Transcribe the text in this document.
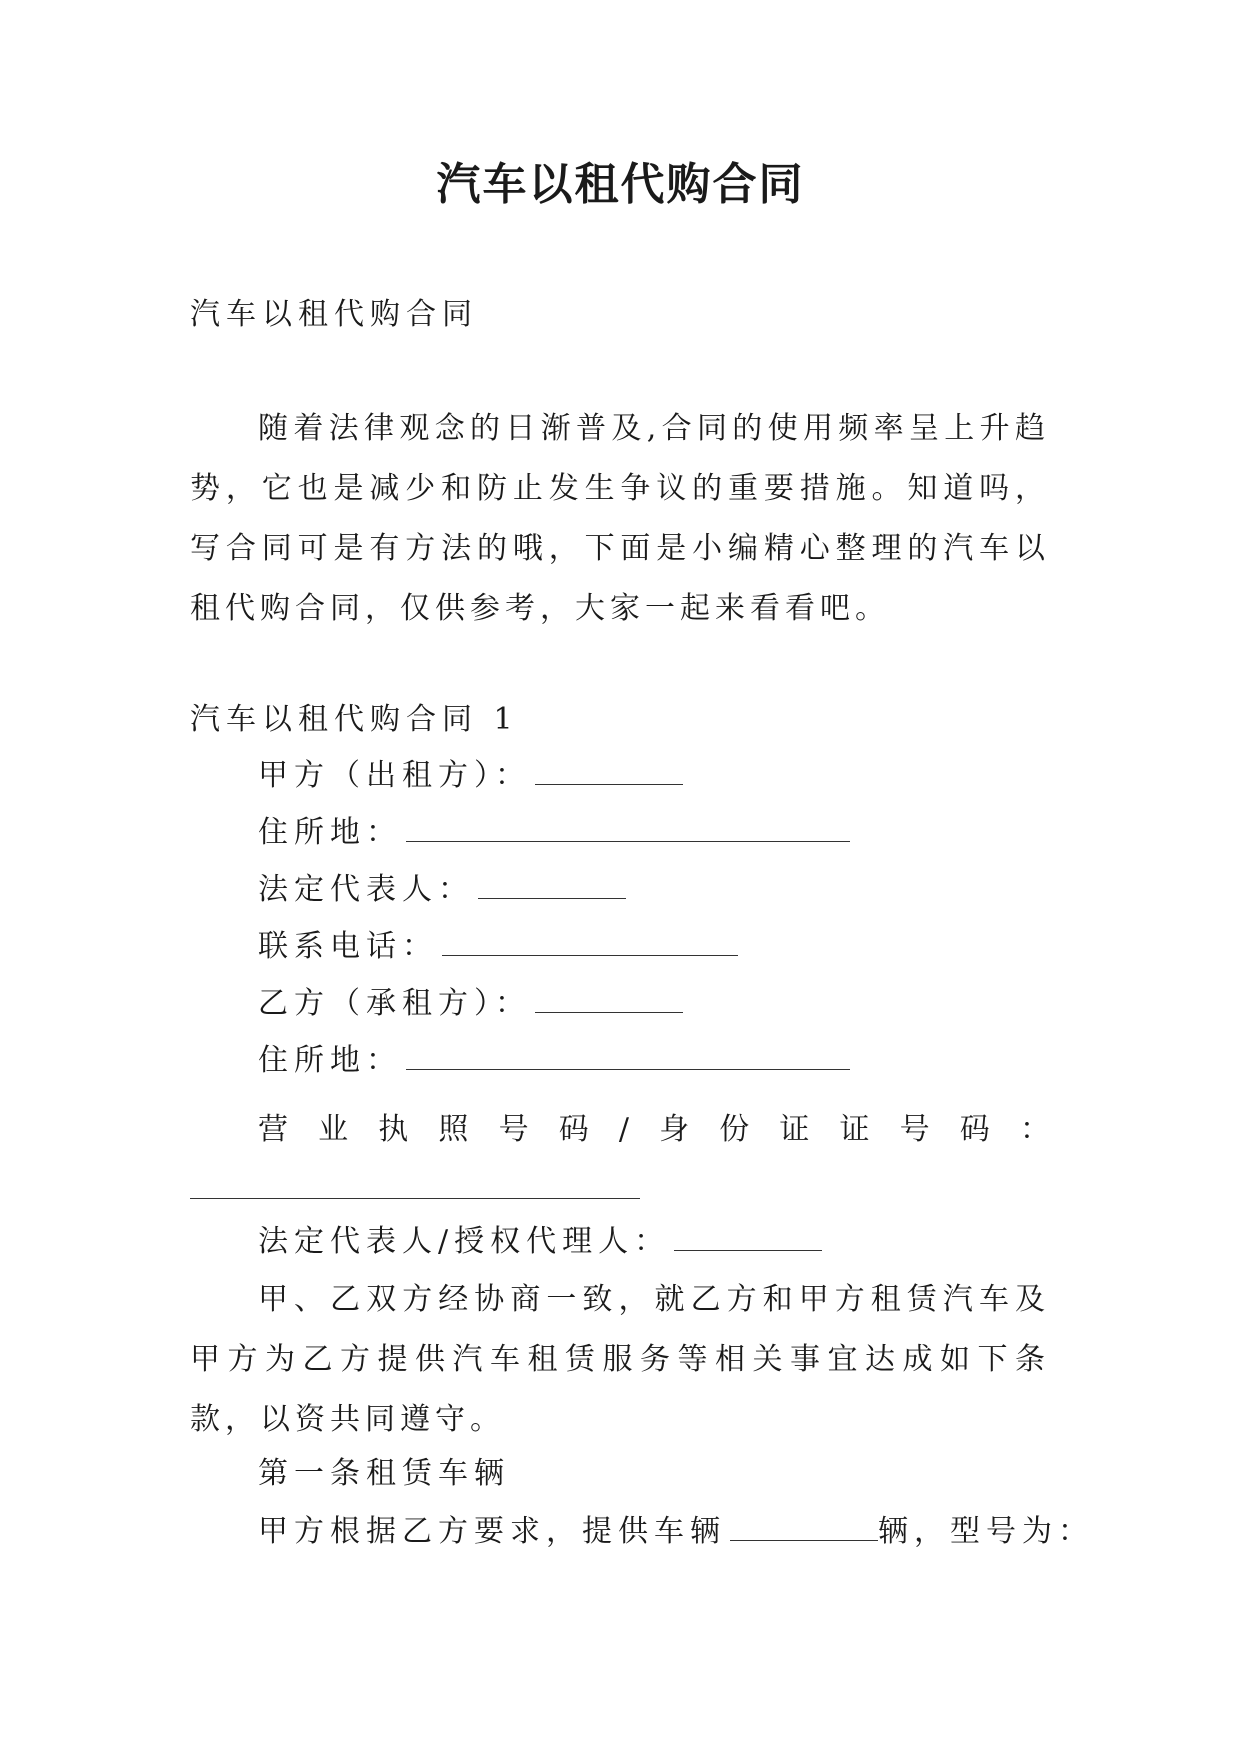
汽车以租代购合同

汽车以租代购合同

随着法律观念的日渐普及,合同的使用频率呈上升趋势，它也是减少和防止发生争议的重要措施。知道吗，写合同可是有方法的哦，下面是小编精心整理的汽车以租代购合同，仅供参考，大家一起来看看吧。

汽车以租代购合同 1

甲方（出租方）：

住所地：

法定代表人：

联系电话：

乙方（承租方）：

住所地：

营 业 执 照 号 码 / 身 份 证 证 号 码 ：

法定代表人/授权代理人：

甲、乙双方经协商一致，就乙方和甲方租赁汽车及甲方为乙方提供汽车租赁服务等相关事宜达成如下条款，以资共同遵守。

第一条租赁车辆

甲方根据乙方要求，提供车辆	辆，型号为：
